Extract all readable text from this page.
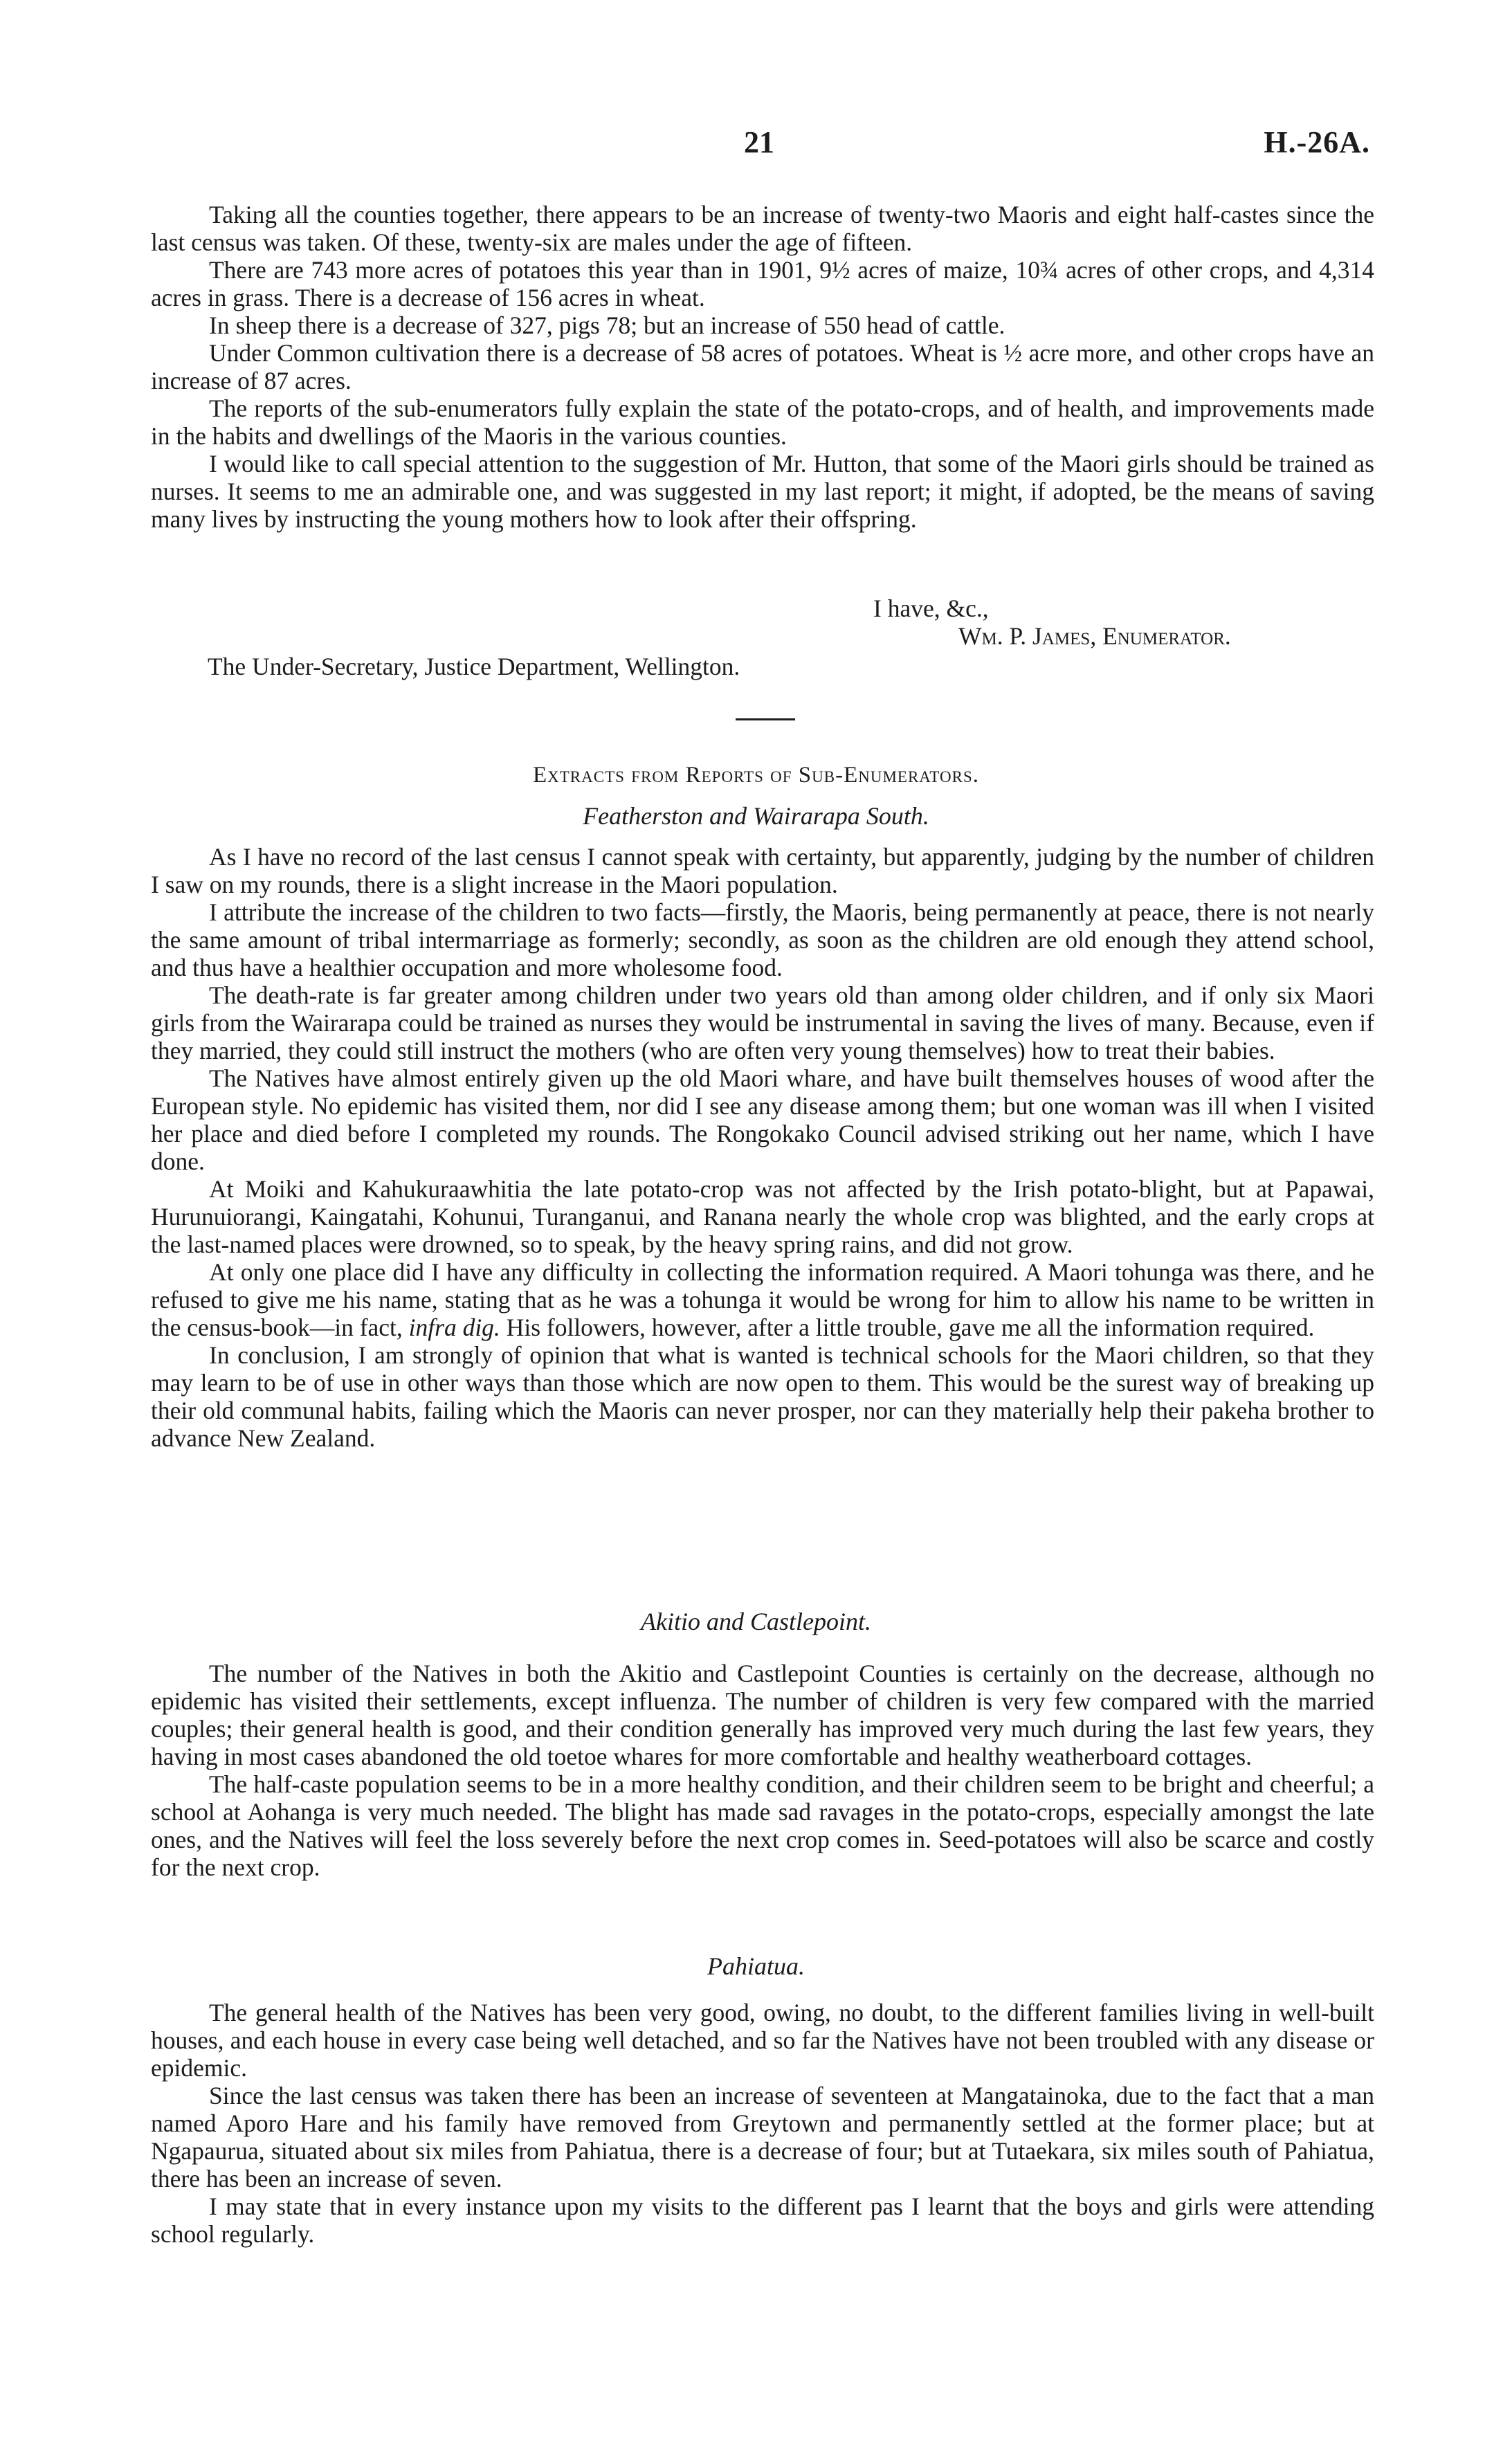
21	H.-26A.

Taking all the counties together, there appears to be an increase of twenty-two Maoris and eight half-castes since the last census was taken. Of these, twenty-six are males under the age of fifteen.

There are 743 more acres of potatoes this year than in 1901, 9½ acres of maize, 10¾ acres of other crops, and 4,314 acres in grass. There is a decrease of 156 acres in wheat.

In sheep there is a decrease of 327, pigs 78; but an increase of 550 head of cattle.

Under Common cultivation there is a decrease of 58 acres of potatoes. Wheat is ½ acre more, and other crops have an increase of 87 acres.

The reports of the sub-enumerators fully explain the state of the potato-crops, and of health, and improvements made in the habits and dwellings of the Maoris in the various counties.

I would like to call special attention to the suggestion of Mr. Hutton, that some of the Maori girls should be trained as nurses. It seems to me an admirable one, and was suggested in my last report; it might, if adopted, be the means of saving many lives by instructing the young mothers how to look after their offspring.

I have, &c.,
Wm. P. James, Enumerator.
The Under-Secretary, Justice Department, Wellington.
Extracts from Reports of Sub-Enumerators.
Featherston and Wairarapa South.

As I have no record of the last census I cannot speak with certainty, but apparently, judging by the number of children I saw on my rounds, there is a slight increase in the Maori population.

I attribute the increase of the children to two facts—firstly, the Maoris, being permanently at peace, there is not nearly the same amount of tribal intermarriage as formerly; secondly, as soon as the children are old enough they attend school, and thus have a healthier occupation and more wholesome food.

The death-rate is far greater among children under two years old than among older children, and if only six Maori girls from the Wairarapa could be trained as nurses they would be instrumental in saving the lives of many. Because, even if they married, they could still instruct the mothers (who are often very young themselves) how to treat their babies.

The Natives have almost entirely given up the old Maori whare, and have built themselves houses of wood after the European style. No epidemic has visited them, nor did I see any disease among them; but one woman was ill when I visited her place and died before I completed my rounds. The Rongokako Council advised striking out her name, which I have done.

At Moiki and Kahukuraawhitia the late potato-crop was not affected by the Irish potato-blight, but at Papawai, Hurunuiorangi, Kaingatahi, Kohunui, Turanganui, and Ranana nearly the whole crop was blighted, and the early crops at the last-named places were drowned, so to speak, by the heavy spring rains, and did not grow.

At only one place did I have any difficulty in collecting the information required. A Maori tohunga was there, and he refused to give me his name, stating that as he was a tohunga it would be wrong for him to allow his name to be written in the census-book—in fact, infra dig. His followers, however, after a little trouble, gave me all the information required.

In conclusion, I am strongly of opinion that what is wanted is technical schools for the Maori children, so that they may learn to be of use in other ways than those which are now open to them. This would be the surest way of breaking up their old communal habits, failing which the Maoris can never prosper, nor can they materially help their pakeha brother to advance New Zealand.

Akitio and Castlepoint.

The number of the Natives in both the Akitio and Castlepoint Counties is certainly on the decrease, although no epidemic has visited their settlements, except influenza. The number of children is very few compared with the married couples; their general health is good, and their condition generally has improved very much during the last few years, they having in most cases abandoned the old toetoe whares for more comfortable and healthy weatherboard cottages.

The half-caste population seems to be in a more healthy condition, and their children seem to be bright and cheerful; a school at Aohanga is very much needed. The blight has made sad ravages in the potato-crops, especially amongst the late ones, and the Natives will feel the loss severely before the next crop comes in. Seed-potatoes will also be scarce and costly for the next crop.

Pahiatua.

The general health of the Natives has been very good, owing, no doubt, to the different families living in well-built houses, and each house in every case being well detached, and so far the Natives have not been troubled with any disease or epidemic.

Since the last census was taken there has been an increase of seventeen at Mangatainoka, due to the fact that a man named Aporo Hare and his family have removed from Greytown and permanently settled at the former place; but at Ngapaurua, situated about six miles from Pahiatua, there is a decrease of four; but at Tutaekara, six miles south of Pahiatua, there has been an increase of seven.

I may state that in every instance upon my visits to the different pas I learnt that the boys and girls were attending school regularly.
